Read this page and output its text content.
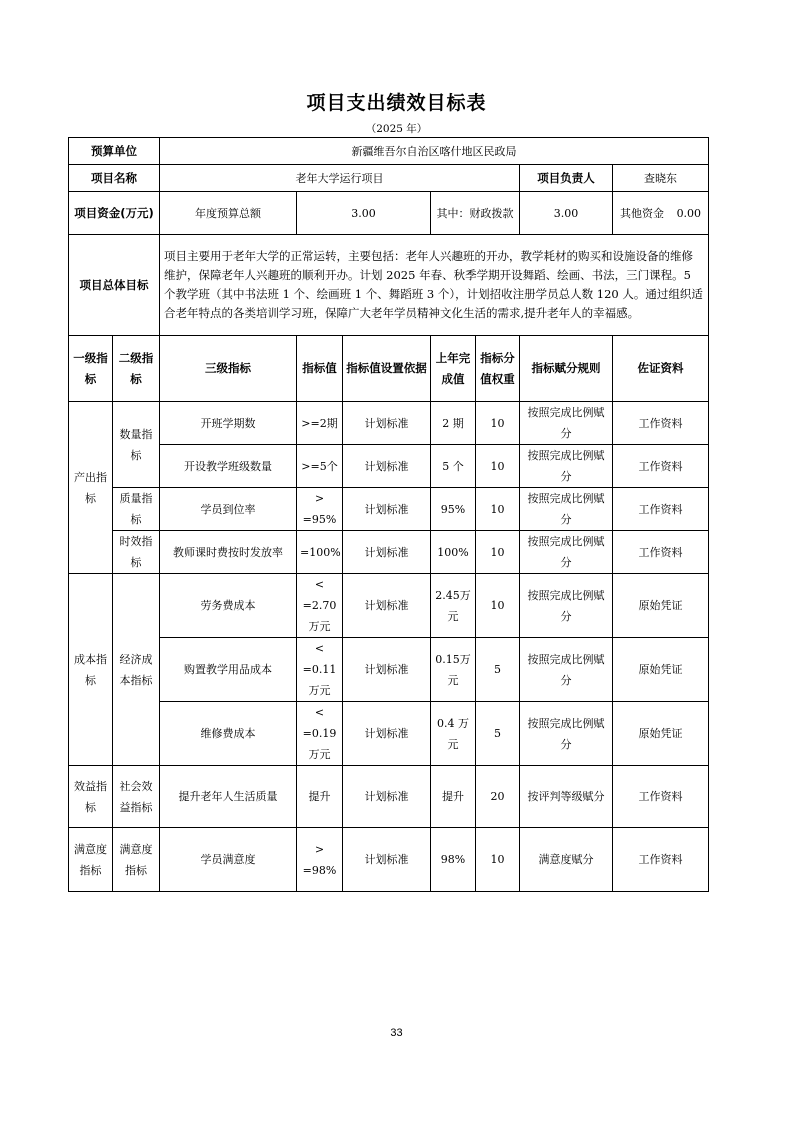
项目支出绩效目标表
（2025 年）
预算单位		新疆维吾尔自治区喀什地区民政局						
项目名称		老年大学运行项目					项目负责人	查晓东
项目资金(万元)		年度预算总额	3.00		其中：财政拨款		3.00	其他资金 0.00

项目总体目标		项目主要用于老年大学的正常运转，主要包括：老年人兴趣班的开办，教学耗材的购买和设施设备的维修维护，保障老年人兴趣班的顺利开办。计划 2025 年春、秋季学期开设舞蹈、绘画、书法，三门课程。5 个教学班（其中书法班 1 个、绘画班 1 个、舞蹈班 3 个），计划招收注册学员总人数 120 人。通过组织适合老年特点的各类培训学习班，保障广大老年学员精神文化生活的需求,提升老年人的幸福感。						
一级指标	二级指标	三级指标	指标值	指标值设置依据	上年完成值	指标分值权重	指标赋分规则	佐证资料
产出指标	数量指标	开班学期数	>=2期	计划标准	2 期	10	按照完成比例赋分	工作资料
		开设教学班级数量	>=5个	计划标准	5 个	10	按照完成比例赋分	工作资料
	质量指标	学员到位率	> =95%	计划标准	95%	10	按照完成比例赋分	工作资料
	时效指标	教师课时费按时发放率	=100%	计划标准	100%	10	按照完成比例赋分	工作资料
成本指标	经济成本指标	劳务费成本	< =2.70万元	计划标准	2.45万元	10	按照完成比例赋分	原始凭证
		购置教学用品成本	< =0.11万元	计划标准	0.15万元	5	按照完成比例赋分	原始凭证
		维修费成本	< =0.19万元	计划标准	0.4 万元	5	按照完成比例赋分	原始凭证
效益指标	社会效益指标	提升老年人生活质量	提升	计划标准	提升	20	按评判等级赋分	工作资料
满意度指标	满意度指标	学员满意度	> =98%	计划标准	98%	10	满意度赋分	工作资料
33
